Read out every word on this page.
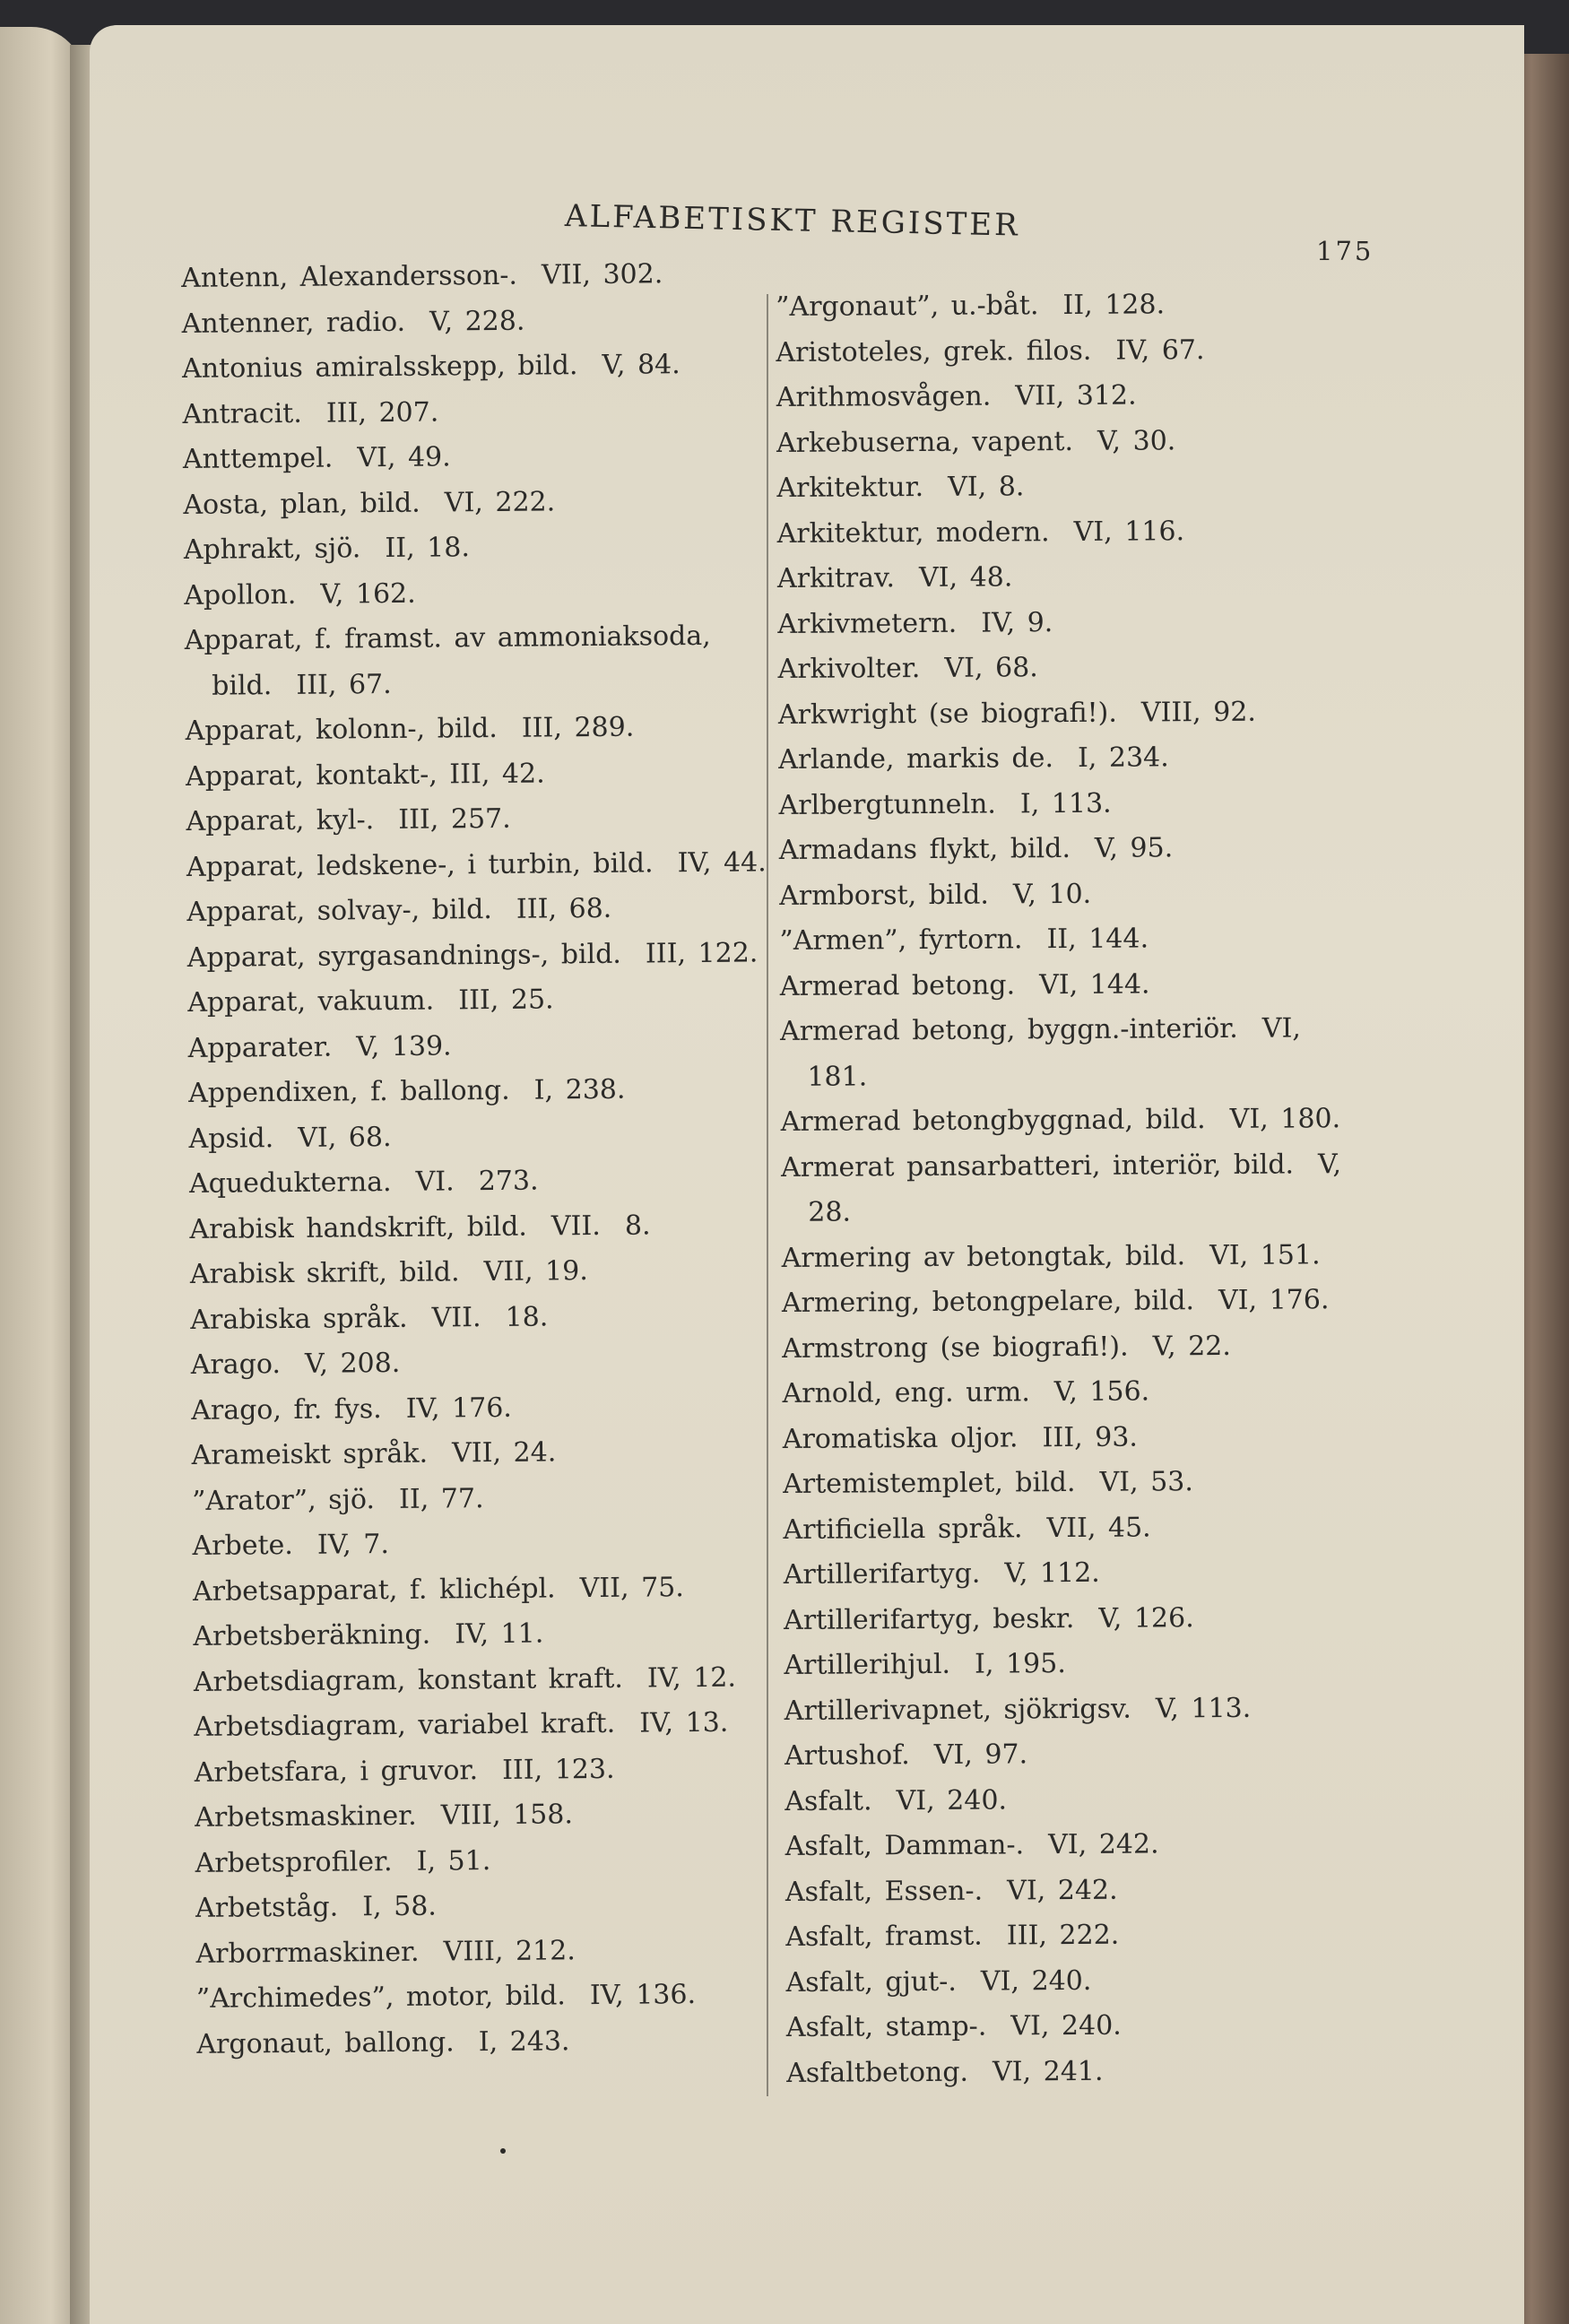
ALFABETISKT REGISTER
175
Antenn, Alexandersson-.  VII, 302.
Antenner, radio.  V, 228.
Antonius amiralsskepp, bild.  V, 84.
Antracit.  III, 207.
Anttempel.  VI, 49.
Aosta, plan, bild.  VI, 222.
Aphrakt, sjö.  II, 18.
Apollon.  V, 162.
Apparat, f. framst. av ammoniaksoda,
bild.  III, 67.
Apparat, kolonn-, bild.  III, 289.
Apparat, kontakt-, III, 42.
Apparat, kyl-.  III, 257.
Apparat, ledskene-, i turbin, bild.  IV, 44.
Apparat, solvay-, bild.  III, 68.
Apparat, syrgasandnings-, bild.  III, 122.
Apparat, vakuum.  III, 25.
Apparater.  V, 139.
Appendixen, f. ballong.  I, 238.
Apsid.  VI, 68.
Aquedukterna.  VI.  273.
Arabisk handskrift, bild.  VII.  8.
Arabisk skrift, bild.  VII, 19.
Arabiska språk.  VII.  18.
Arago.  V, 208.
Arago, fr. fys.  IV, 176.
Arameiskt språk.  VII, 24.
”Arator”, sjö.  II, 77.
Arbete.  IV, 7.
Arbetsapparat, f. klichépl.  VII, 75.
Arbetsberäkning.  IV, 11.
Arbetsdiagram, konstant kraft.  IV, 12.
Arbetsdiagram, variabel kraft.  IV, 13.
Arbetsfara, i gruvor.  III, 123.
Arbetsmaskiner.  VIII, 158.
Arbetsprofiler.  I, 51.
Arbetståg.  I, 58.
Arborrmaskiner.  VIII, 212.
”Archimedes”, motor, bild.  IV, 136.
Argonaut, ballong.  I, 243.
”Argonaut”, u.-båt.  II, 128.
Aristoteles, grek. filos.  IV, 67.
Arithmosvågen.  VII, 312.
Arkebuserna, vapent.  V, 30.
Arkitektur.  VI, 8.
Arkitektur, modern.  VI, 116.
Arkitrav.  VI, 48.
Arkivmetern.  IV, 9.
Arkivolter.  VI, 68.
Arkwright (se biografi!).  VIII, 92.
Arlande, markis de.  I, 234.
Arlbergtunneln.  I, 113.
Armadans flykt, bild.  V, 95.
Armborst, bild.  V, 10.
”Armen”, fyrtorn.  II, 144.
Armerad betong.  VI, 144.
Armerad betong, byggn.-interiör.  VI,
181.
Armerad betongbyggnad, bild.  VI, 180.
Armerat pansarbatteri, interiör, bild.  V,
28.
Armering av betongtak, bild.  VI, 151.
Armering, betongpelare, bild.  VI, 176.
Armstrong (se biografi!).  V, 22.
Arnold, eng. urm.  V, 156.
Aromatiska oljor.  III, 93.
Artemistemplet, bild.  VI, 53.
Artificiella språk.  VII, 45.
Artillerifartyg.  V, 112.
Artillerifartyg, beskr.  V, 126.
Artillerihjul.  I, 195.
Artillerivapnet, sjökrigsv.  V, 113.
Artushof.  VI, 97.
Asfalt.  VI, 240.
Asfalt, Damman-.  VI, 242.
Asfalt, Essen-.  VI, 242.
Asfalt, framst.  III, 222.
Asfalt, gjut-.  VI, 240.
Asfalt, stamp-.  VI, 240.
Asfaltbetong.  VI, 241.
